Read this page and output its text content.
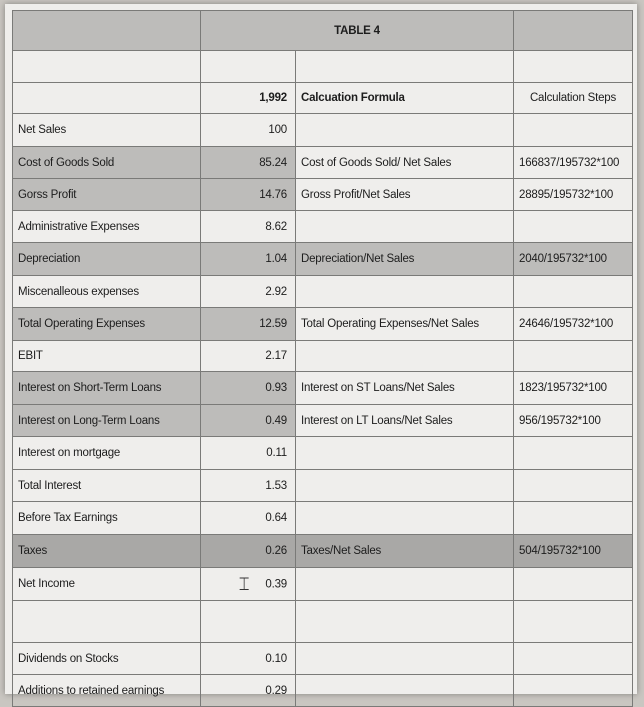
	TABLE 4		

	1,992	Calcuation Formula	Calculation Steps
Net Sales	100		
Cost of Goods Sold	85.24	Cost of Goods Sold/ Net Sales	166837/195732*100
Gorss Profit	14.76	Gross Profit/Net Sales	28895/195732*100
Administrative Expenses	8.62		
Depreciation	1.04	Depreciation/Net Sales	2040/195732*100
Miscenalleous expenses	2.92		
Total Operating Expenses	12.59	Total Operating Expenses/Net Sales	24646/195732*100
EBIT	2.17		
Interest on Short-Term Loans	0.93	Interest on ST Loans/Net Sales	1823/195732*100
Interest on Long-Term Loans	0.49	Interest on LT Loans/Net Sales	956/195732*100
Interest on mortgage	0.11		
Total Interest	1.53		
Before Tax Earnings	0.64		
Taxes	0.26	Taxes/Net Sales	504/195732*100
Net Income	⌶ 0.39		

Dividends on Stocks	0.10		
Additions to retained earnings	0.29		
